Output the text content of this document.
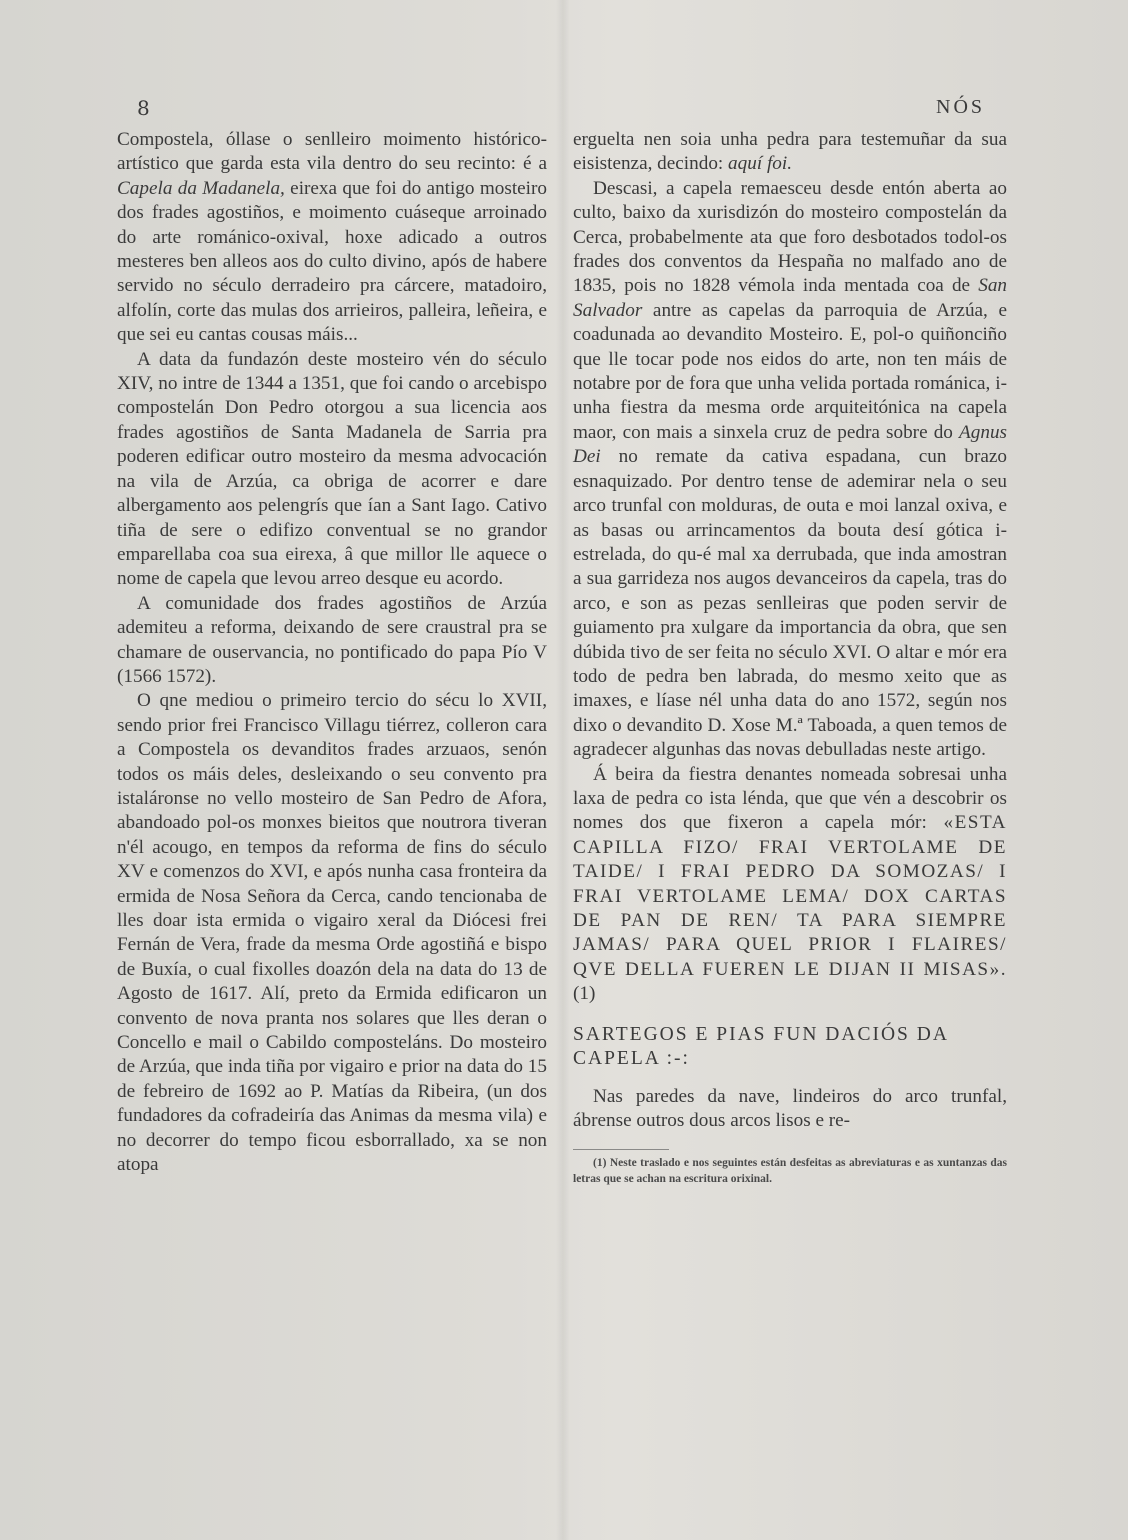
8	NÓS

Compostela, óllase o senlleiro moimento histórico-artístico que garda esta vila dentro do seu recinto: é a Capela da Madanela, eirexa que foi do antigo mosteiro dos frades agostiños, e moimento cuáseque arroinado do arte románico-oxival, hoxe adicado a outros mesteres ben alleos aos do culto divino, após de habere servido no século derradeiro pra cárcere, matadoiro, alfolín, corte das mulas dos arrieiros, palleira, leñeira, e que sei eu cantas cousas máis...

A data da fundazón deste mosteiro vén do século XIV, no intre de 1344 a 1351, que foi cando o arcebispo compostelán Don Pedro otorgou a sua licencia aos frades agostiños de Santa Madanela de Sarria pra poderen edificar outro mosteiro da mesma advocación na vila de Arzúa, ca obriga de acorrer e dare albergamento aos pelengrís que ían a Sant Iago. Cativo tiña de sere o edifizo conventual se no grandor emparellaba coa sua eirexa, â que millor lle aquece o nome de capela que levou arreo desque eu acordo.

A comunidade dos frades agostiños de Arzúa ademiteu a reforma, deixando de sere craustral pra se chamare de ouservancia, no pontificado do papa Pío V (1566 1572).

O qne mediou o primeiro tercio do sécu lo XVII, sendo prior frei Francisco Villagu tiérrez, colleron cara a Compostela os devanditos frades arzuaos, senón todos os máis deles, desleixando o seu convento pra istaláronse no vello mosteiro de San Pedro de Afora, abandoado pol-os monxes bieitos que noutrora tiveran n'él acougo, en tempos da reforma de fins do século XV e comenzos do XVI, e após nunha casa fronteira da ermida de Nosa Señora da Cerca, cando tencionaba de lles doar ista ermida o vigairo xeral da Diócesi frei Fernán de Vera, frade da mesma Orde agostiñá e bispo de Buxía, o cual fixolles doazón dela na data do 13 de Agosto de 1617. Alí, preto da Ermida edificaron un convento de nova pranta nos solares que lles deran o Concello e mail o Cabildo composteláns. Do mosteiro de Arzúa, que inda tiña por vigairo e prior na data do 15 de febreiro de 1692 ao P. Matías da Ribeira, (un dos fundadores da cofradeiría das Animas da mesma vila) e no decorrer do tempo ficou esborrallado, xa se non atopa

erguelta nen soia unha pedra para testemuñar da sua eisistenza, decindo: aquí foi.

Descasi, a capela remaesceu desde entón aberta ao culto, baixo da xurisdizón do mosteiro compostelán da Cerca, probabelmente ata que foro desbotados todol-os frades dos conventos da Hespaña no malfado ano de 1835, pois no 1828 vémola inda mentada coa de San Salvador antre as capelas da parroquia de Arzúa, e coadunada ao devandito Mosteiro. E, pol-o quiñonciño que lle tocar pode nos eidos do arte, non ten máis de notabre por de fora que unha velida portada románica, i-unha fiestra da mesma orde arquiteitónica na capela maor, con mais a sinxela cruz de pedra sobre do Agnus Dei no remate da cativa espadana, cun brazo esnaquizado. Por dentro tense de ademirar nela o seu arco trunfal con molduras, de outa e moi lanzal oxiva, e as basas ou arrincamentos da bouta desí gótica i-estrelada, do qu-é mal xa derrubada, que inda amostran a sua garrideza nos augos devanceiros da capela, tras do arco, e son as pezas senlleiras que poden servir de guiamento pra xulgare da importancia da obra, que sen dúbida tivo de ser feita no século XVI. O altar e mór era todo de pedra ben labrada, do mesmo xeito que as imaxes, e líase nél unha data do ano 1572, según nos dixo o devandito D. Xose M.ª Taboada, a quen temos de agradecer algunhas das novas debulladas neste artigo.

Á beira da fiestra denantes nomeada sobresai unha laxa de pedra co ista lénda, que que vén a descobrir os nomes dos que fixeron a capela mór: «ESTA CAPILLA FIZO/ FRAI VERTOLAME DE TAIDE/ I FRAI PEDRO DA SOMOZAS/ I FRAI VERTOLAME LEMA/ DOX CARTAS DE PAN DE REN/ TA PARA SIEMPRE JAMAS/ PARA QUEL PRIOR I FLAIRES/ QVE DELLA FUEREN LE DIJAN II MISAS».(1)

SARTEGOS E PIAS FUN DACIÓS DA CAPELA :-:

Nas paredes da nave, lindeiros do arco trunfal, ábrense outros dous arcos lisos e re-

(1) Neste traslado e nos seguintes están desfeitas as abreviaturas e as xuntanzas das letras que se achan na escritura orixinal.
